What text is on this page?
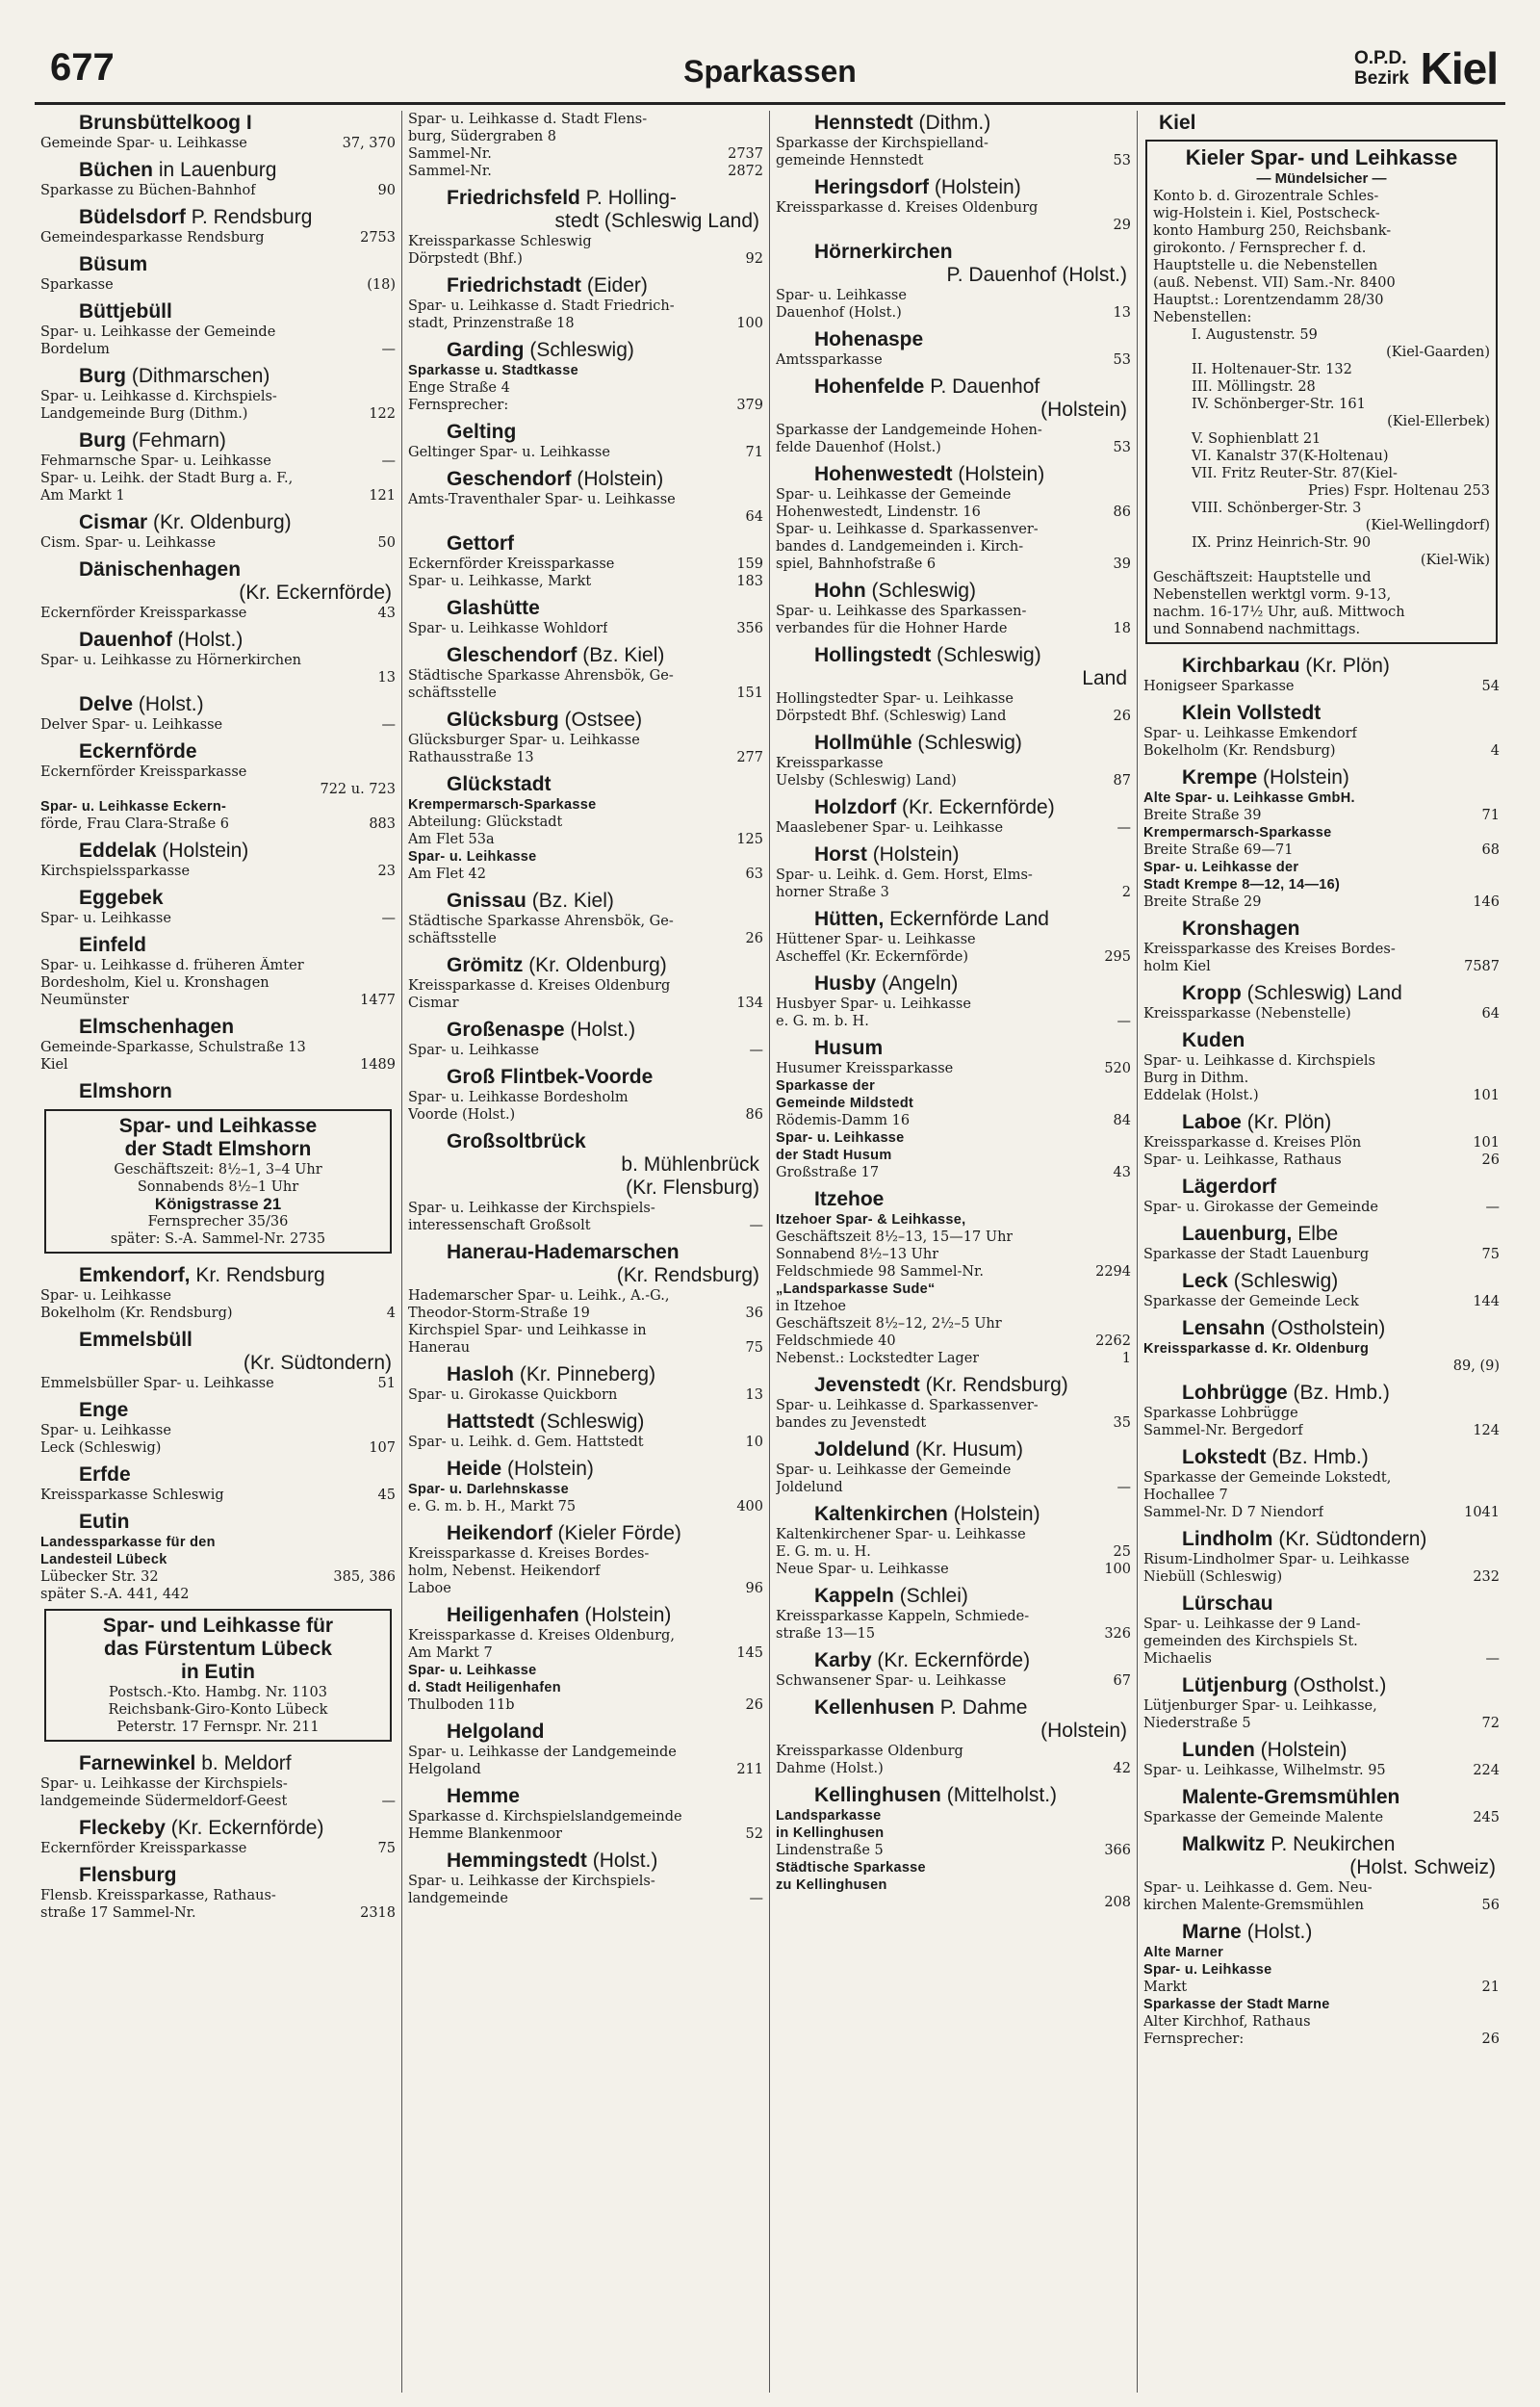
677	Sparkassen	O.P.D.
Bezirk Kiel
Brunsbüttelkoog I
Gemeinde Spar- u. Leihkasse	37, 370
Büchen in Lauenburg
Sparkasse zu Büchen-Bahnhof	90
Büdelsdorf P. Rendsburg
Gemeindesparkasse Rendsburg	2753
Büsum
Sparkasse	(18)
Büttjebüll
Spar- u. Leihkasse der Gemeinde
Bordelum	—
Burg (Dithmarschen)
Spar- u. Leihkasse d. Kirchspiels-
Landgemeinde Burg (Dithm.)	122
Burg (Fehmarn)
Fehmarnsche Spar- u. Leihkasse	—
Spar- u. Leihk. der Stadt Burg a. F.,
Am Markt 1	121
Cismar (Kr. Oldenburg)
Cism. Spar- u. Leihkasse	50
Dänischenhagen
(Kr. Eckernförde)
Eckernförder Kreissparkasse	43
Dauenhof (Holst.)
Spar- u. Leihkasse zu Hörnerkirchen
13
Delve (Holst.)
Delver Spar- u. Leihkasse	—
Eckernförde
Eckernförder Kreissparkasse
722 u. 723
Spar- u. Leihkasse Eckern-
förde, Frau Clara-Straße 6	883
Eddelak (Holstein)
Kirchspielssparkasse	23
Eggebek
Spar- u. Leihkasse	—
Einfeld
Spar- u. Leihkasse d. früheren Ämter
Bordesholm, Kiel u. Kronshagen
Neumünster	1477
Elmschenhagen
Gemeinde-Sparkasse, Schulstraße 13
Kiel	1489
Elmshorn
Spar- und Leihkasse
der Stadt Elmshorn
Geschäftszeit: 8½–1, 3–4 Uhr
Sonnabends 8½–1 Uhr
Königstrasse 21
Fernsprecher 35/36
später: S.-A. Sammel-Nr. 2735
Emkendorf, Kr. Rendsburg
Spar- u. Leihkasse
Bokelholm (Kr. Rendsburg)	4
Emmelsbüll
(Kr. Südtondern)
Emmelsbüller Spar- u. Leihkasse	51
Enge
Spar- u. Leihkasse
Leck (Schleswig)	107
Erfde
Kreissparkasse Schleswig	45
Eutin
Landessparkasse für den
Landesteil Lübeck
Lübecker Str. 32	385, 386
später S.-A. 441, 442
Spar- und Leihkasse für
das Fürstentum Lübeck
in Eutin
Postsch.-Kto. Hambg. Nr. 1103
Reichsbank-Giro-Konto Lübeck
Peterstr. 17 Fernspr. Nr. 211
Farnewinkel b. Meldorf
Spar- u. Leihkasse der Kirchspiels-
landgemeinde Südermeldorf-Geest	—
Fleckeby (Kr. Eckernförde)
Eckernförder Kreissparkasse	75
Flensburg
Flensb. Kreissparkasse, Rathaus-
straße 17 Sammel-Nr.	2318
Spar- u. Leihkasse d. Stadt Flens-
burg, Südergraben 8
Sammel-Nr.	2737
Sammel-Nr.	2872
Friedrichsfeld P. Holling-
stedt (Schleswig Land)
Kreissparkasse Schleswig
Dörpstedt (Bhf.)	92
Friedrichstadt (Eider)
Spar- u. Leihkasse d. Stadt Friedrich-
stadt, Prinzenstraße 18	100
Garding (Schleswig)
Sparkasse u. Stadtkasse
Enge Straße 4
Fernsprecher:	379
Gelting
Geltinger Spar- u. Leihkasse	71
Geschendorf (Holstein)
Amts-Traventhaler Spar- u. Leihkasse
64
Gettorf
Eckernförder Kreissparkasse	159
Spar- u. Leihkasse, Markt	183
Glashütte
Spar- u. Leihkasse Wohldorf	356
Gleschendorf (Bz. Kiel)
Städtische Sparkasse Ahrensbök, Ge-
schäftsstelle	151
Glücksburg (Ostsee)
Glücksburger Spar- u. Leihkasse
Rathausstraße 13	277
Glückstadt
Krempermarsch-Sparkasse
Abteilung: Glückstadt
Am Flet 53a	125
Spar- u. Leihkasse
Am Flet 42	63
Gnissau (Bz. Kiel)
Städtische Sparkasse Ahrensbök, Ge-
schäftsstelle	26
Grömitz (Kr. Oldenburg)
Kreissparkasse d. Kreises Oldenburg
Cismar	134
Großenaspe (Holst.)
Spar- u. Leihkasse	—
Groß Flintbek-Voorde
Spar- u. Leihkasse Bordesholm
Voorde (Holst.)	86
Großsoltbrück
b. Mühlenbrück
(Kr. Flensburg)
Spar- u. Leihkasse der Kirchspiels-
interessenschaft Großsolt	—
Hanerau-Hademarschen
(Kr. Rendsburg)
Hademarscher Spar- u. Leihk., A.-G.,
Theodor-Storm-Straße 19	36
Kirchspiel Spar- und Leihkasse in
Hanerau	75
Hasloh (Kr. Pinneberg)
Spar- u. Girokasse Quickborn	13
Hattstedt (Schleswig)
Spar- u. Leihk. d. Gem. Hattstedt	10
Heide (Holstein)
Spar- u. Darlehnskasse
e. G. m. b. H., Markt 75	400
Heikendorf (Kieler Förde)
Kreissparkasse d. Kreises Bordes-
holm, Nebenst. Heikendorf
Laboe	96
Heiligenhafen (Holstein)
Kreissparkasse d. Kreises Oldenburg,
Am Markt 7	145
Spar- u. Leihkasse
d. Stadt Heiligenhafen
Thulboden 11b	26
Helgoland
Spar- u. Leihkasse der Landgemeinde
Helgoland	211
Hemme
Sparkasse d. Kirchspielslandgemeinde
Hemme Blankenmoor	52
Hemmingstedt (Holst.)
Spar- u. Leihkasse der Kirchspiels-
landgemeinde	—
Hennstedt (Dithm.)
Sparkasse der Kirchspielland-
gemeinde Hennstedt	53
Heringsdorf (Holstein)
Kreissparkasse d. Kreises Oldenburg
29
Hörnerkirchen
P. Dauenhof (Holst.)
Spar- u. Leihkasse
Dauenhof (Holst.)	13
Hohenaspe
Amtssparkasse	53
Hohenfelde P. Dauenhof
(Holstein)
Sparkasse der Landgemeinde Hohen-
felde Dauenhof (Holst.)	53
Hohenwestedt (Holstein)
Spar- u. Leihkasse der Gemeinde
Hohenwestedt, Lindenstr. 16	86
Spar- u. Leihkasse d. Sparkassenver-
bandes d. Landgemeinden i. Kirch-
spiel, Bahnhofstraße 6	39
Hohn (Schleswig)
Spar- u. Leihkasse des Sparkassen-
verbandes für die Hohner Harde	18
Hollingstedt (Schleswig)
Land
Hollingstedter Spar- u. Leihkasse
Dörpstedt Bhf. (Schleswig) Land	26
Hollmühle (Schleswig)
Kreissparkasse
Uelsby (Schleswig) Land)	87
Holzdorf (Kr. Eckernförde)
Maaslebener Spar- u. Leihkasse	—
Horst (Holstein)
Spar- u. Leihk. d. Gem. Horst, Elms-
horner Straße 3	2
Hütten, Eckernförde Land
Hüttener Spar- u. Leihkasse
Ascheffel (Kr. Eckernförde)	295
Husby (Angeln)
Husbyer Spar- u. Leihkasse
e. G. m. b. H.	—
Husum
Husumer Kreissparkasse	520
Sparkasse der
Gemeinde Mildstedt
Rödemis-Damm 16	84
Spar- u. Leihkasse
der Stadt Husum
Großstraße 17	43
Itzehoe
Itzehoer Spar- & Leihkasse,
Geschäftszeit 8½–13, 15—17 Uhr
Sonnabend 8½–13 Uhr
Feldschmiede 98 Sammel-Nr.	2294
„Landsparkasse Sude“
in Itzehoe
Geschäftszeit 8½–12, 2½–5 Uhr
Feldschmiede 40	2262
Nebenst.: Lockstedter Lager	1
Jevenstedt (Kr. Rendsburg)
Spar- u. Leihkasse d. Sparkassenver-
bandes zu Jevenstedt	35
Joldelund (Kr. Husum)
Spar- u. Leihkasse der Gemeinde
Joldelund	—
Kaltenkirchen (Holstein)
Kaltenkirchener Spar- u. Leihkasse
E. G. m. u. H.	25
Neue Spar- u. Leihkasse	100
Kappeln (Schlei)
Kreissparkasse Kappeln, Schmiede-
straße 13—15	326
Karby (Kr. Eckernförde)
Schwansener Spar- u. Leihkasse	67
Kellenhusen P. Dahme
(Holstein)
Kreissparkasse Oldenburg
Dahme (Holst.)	42
Kellinghusen (Mittelholst.)
Landsparkasse
in Kellinghusen
Lindenstraße 5	366
Städtische Sparkasse
zu Kellinghusen
208
Kiel
Kieler Spar- und Leihkasse
— Mündelsicher —
Konto b. d. Girozentrale Schles-
wig-Holstein i. Kiel, Postscheck-
konto Hamburg 250, Reichsbank-
girokonto. / Fernsprecher f. d.
Hauptstelle u. die Nebenstellen
(auß. Nebenst. VII) Sam.-Nr. 8400
Hauptst.: Lorentzendamm 28/30
Nebenstellen:
I. Augustenstr. 59
(Kiel-Gaarden)
II. Holtenauer-Str. 132
III. Möllingstr. 28
IV. Schönberger-Str. 161
(Kiel-Ellerbek)
V. Sophienblatt 21
VI. Kanalstr 37(K-Holtenau)
VII. Fritz Reuter-Str. 87(Kiel-
Pries) Fspr. Holtenau 253
VIII. Schönberger-Str. 3
(Kiel-Wellingdorf)
IX. Prinz Heinrich-Str. 90
(Kiel-Wik)
Geschäftszeit: Hauptstelle und
Nebenstellen werktgl vorm. 9-13,
nachm. 16-17½ Uhr, auß. Mittwoch
und Sonnabend nachmittags.
Kirchbarkau (Kr. Plön)
Honigseer Sparkasse	54
Klein Vollstedt
Spar- u. Leihkasse Emkendorf
Bokelholm (Kr. Rendsburg)	4
Krempe (Holstein)
Alte Spar- u. Leihkasse GmbH.
Breite Straße 39	71
Krempermarsch-Sparkasse
Breite Straße 69—71	68
Spar- u. Leihkasse der
Stadt Krempe 8—12, 14—16)
Breite Straße 29	146
Kronshagen
Kreissparkasse des Kreises Bordes-
holm Kiel	7587
Kropp (Schleswig) Land
Kreissparkasse (Nebenstelle)	64
Kuden
Spar- u. Leihkasse d. Kirchspiels
Burg in Dithm.
Eddelak (Holst.)	101
Laboe (Kr. Plön)
Kreissparkasse d. Kreises Plön	101
Spar- u. Leihkasse, Rathaus	26
Lägerdorf
Spar- u. Girokasse der Gemeinde	—
Lauenburg, Elbe
Sparkasse der Stadt Lauenburg	75
Leck (Schleswig)
Sparkasse der Gemeinde Leck	144
Lensahn (Ostholstein)
Kreissparkasse d. Kr. Oldenburg
89, (9)
Lohbrügge (Bz. Hmb.)
Sparkasse Lohbrügge
Sammel-Nr. Bergedorf	124
Lokstedt (Bz. Hmb.)
Sparkasse der Gemeinde Lokstedt,
Hochallee 7
Sammel-Nr. D 7 Niendorf	1041
Lindholm (Kr. Südtondern)
Risum-Lindholmer Spar- u. Leihkasse
Niebüll (Schleswig)	232
Lürschau
Spar- u. Leihkasse der 9 Land-
gemeinden des Kirchspiels St.
Michaelis	—
Lütjenburg (Ostholst.)
Lütjenburger Spar- u. Leihkasse,
Niederstraße 5	72
Lunden (Holstein)
Spar- u. Leihkasse, Wilhelmstr. 95	224
Malente-Gremsmühlen
Sparkasse der Gemeinde Malente	245
Malkwitz P. Neukirchen
(Holst. Schweiz)
Spar- u. Leihkasse d. Gem. Neu-
kirchen Malente-Gremsmühlen	56
Marne (Holst.)
Alte Marner
Spar- u. Leihkasse
Markt	21
Sparkasse der Stadt Marne
Alter Kirchhof, Rathaus
Fernsprecher:	26
